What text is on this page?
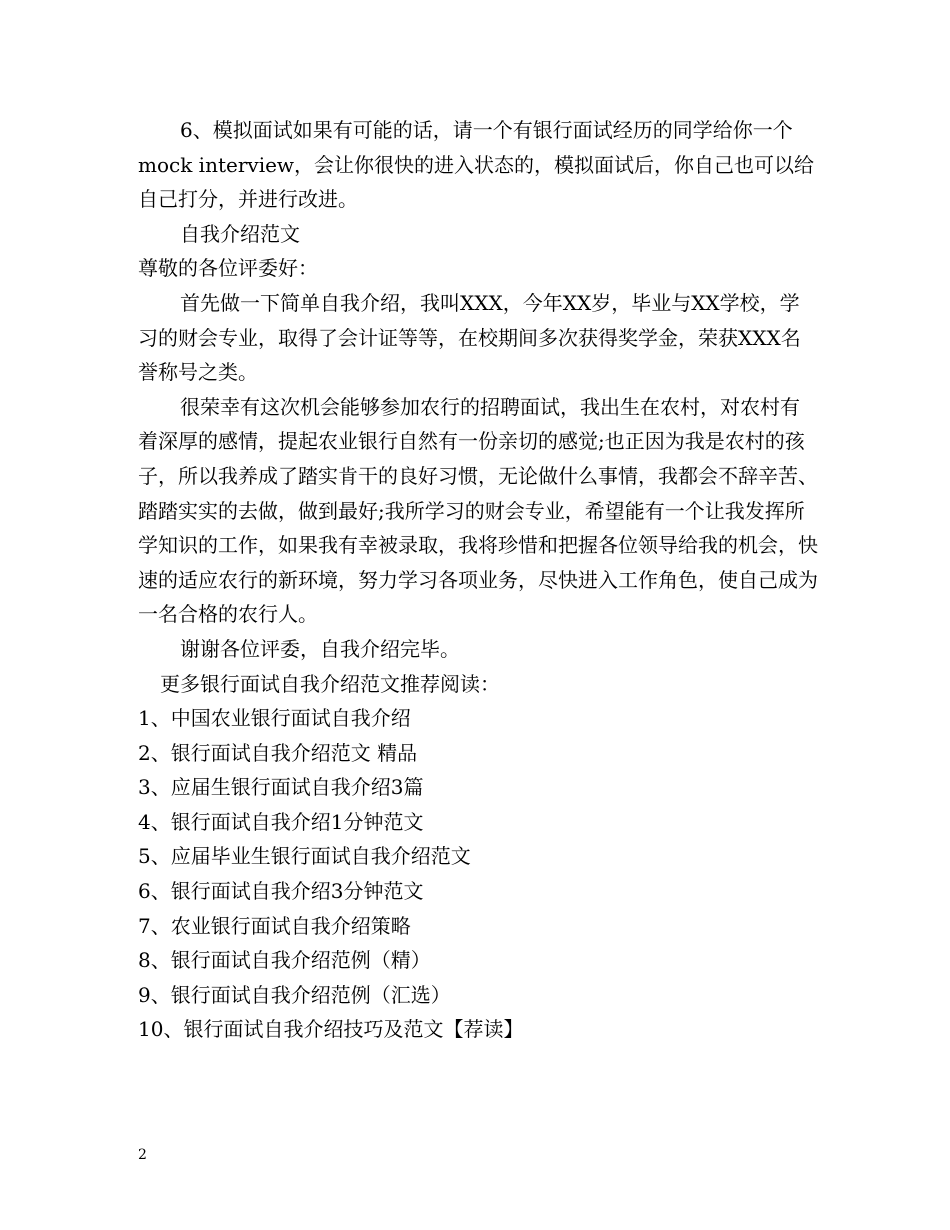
6、模拟面试如果有可能的话，请一个有银行面试经历的同学给你一个mock interview，会让你很快的进入状态的，模拟面试后，你自己也可以给自己打分，并进行改进。

自我介绍范文

尊敬的各位评委好：

首先做一下简单自我介绍，我叫XXX，今年XX岁，毕业与XX学校，学习的财会专业，取得了会计证等等，在校期间多次获得奖学金，荣获XXX名誉称号之类。

很荣幸有这次机会能够参加农行的招聘面试，我出生在农村，对农村有着深厚的感情，提起农业银行自然有一份亲切的感觉;也正因为我是农村的孩子，所以我养成了踏实肯干的良好习惯，无论做什么事情，我都会不辞辛苦、踏踏实实的去做，做到最好;我所学习的财会专业，希望能有一个让我发挥所学知识的工作，如果我有幸被录取，我将珍惜和把握各位领导给我的机会，快速的适应农行的新环境，努力学习各项业务，尽快进入工作角色，使自己成为一名合格的农行人。

谢谢各位评委，自我介绍完毕。

更多银行面试自我介绍范文推荐阅读：

1、中国农业银行面试自我介绍

2、银行面试自我介绍范文 精品

3、应届生银行面试自我介绍3篇

4、银行面试自我介绍1分钟范文

5、应届毕业生银行面试自我介绍范文

6、银行面试自我介绍3分钟范文

7、农业银行面试自我介绍策略

8、银行面试自我介绍范例（精）

9、银行面试自我介绍范例（汇选）

10、银行面试自我介绍技巧及范文【荐读】

2
